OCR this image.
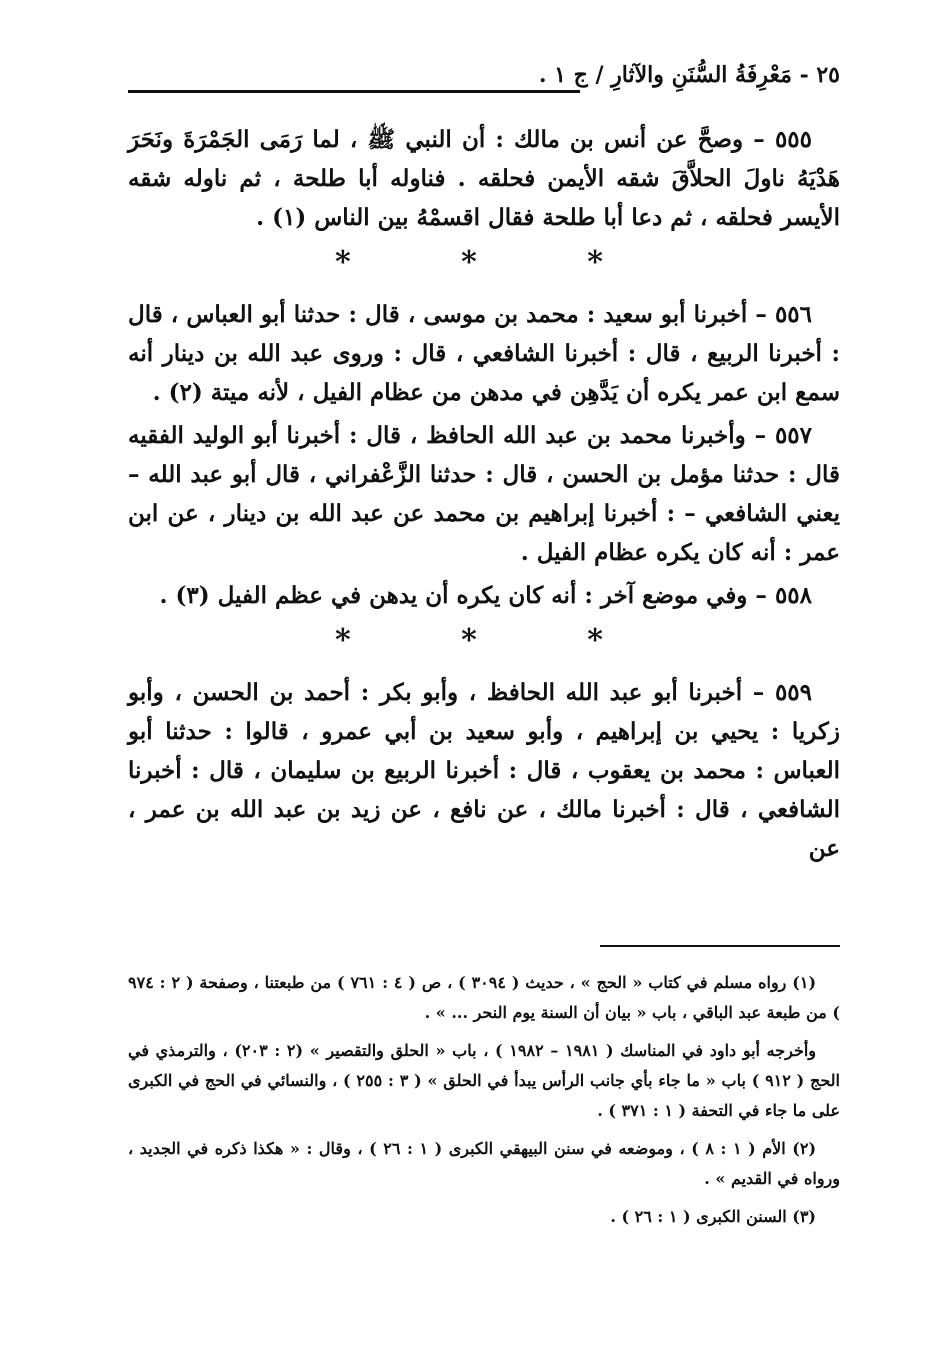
٢٥ - مَعْرِفَةُ السُّنَنِ والآثارِ / ج ١ .

٥٥٥ – وصحَّ عن أنس بن مالك : أن النبي ﷺ ، لما رَمَى الجَمْرَةَ ونَحَرَ هَدْيَهُ ناولَ الحلاَّقَ شقه الأيمن فحلقه . فناوله أبا طلحة ، ثم ناوله شقه الأيسر فحلقه ، ثم دعا أبا طلحة فقال اقسمْهُ بين الناس (١) .

*	*	*

٥٥٦ – أخبرنا أبو سعيد : محمد بن موسى ، قال : حدثنا أبو العباس ، قال : أخبرنا الربيع ، قال : أخبرنا الشافعي ، قال : وروى عبد الله بن دينار أنه سمع ابن عمر يكره أن يَدَّهِن في مدهن من عظام الفيل ، لأنه ميتة (٢) .

٥٥٧ – وأخبرنا محمد بن عبد الله الحافظ ، قال : أخبرنا أبو الوليد الفقيه قال : حدثنا مؤمل بن الحسن ، قال : حدثنا الزَّعْفراني ، قال أبو عبد الله – يعني الشافعي – : أخبرنا إبراهيم بن محمد عن عبد الله بن دينار ، عن ابن عمر : أنه كان يكره عظام الفيل .

٥٥٨ – وفي موضع آخر : أنه كان يكره أن يدهن في عظم الفيل (٣) .

*	*	*

٥٥٩ – أخبرنا أبو عبد الله الحافظ ، وأبو بكر : أحمد بن الحسن ، وأبو زكريا : يحيي بن إبراهيم ، وأبو سعيد بن أبي عمرو ، قالوا : حدثنا أبو العباس : محمد بن يعقوب ، قال : أخبرنا الربيع بن سليمان ، قال : أخبرنا الشافعي ، قال : أخبرنا مالك ، عن نافع ، عن زيد بن عبد الله بن عمر ، عن

(١) رواه مسلم في كتاب « الحج » ، حديث ( ٣٠٩٤ ) ، ص ( ٤ : ٧٦١ ) من طبعتنا ، وصفحة ( ٢ : ٩٧٤ ) من طبعة عبد الباقي ، باب « بيان أن السنة يوم النحر ... » .

وأخرجه أبو داود في المناسك ( ١٩٨١ – ١٩٨٢ ) ، باب « الحلق والتقصير » (٢ : ٢٠٣) ، والترمذي في الحج ( ٩١٢ ) باب « ما جاء بأي جانب الرأس يبدأ في الحلق » ( ٣ : ٢٥٥ ) ، والنسائي في الحج في الكبرى على ما جاء في التحفة ( ١ : ٣٧١ ) .

(٢) الأم ( ١ : ٨ ) ، وموضعه في سنن البيهقي الكبرى ( ١ : ٢٦ ) ، وقال : « هكذا ذكره في الجديد ، ورواه في القديم » .

(٣) السنن الكبرى ( ١ : ٢٦ ) .
